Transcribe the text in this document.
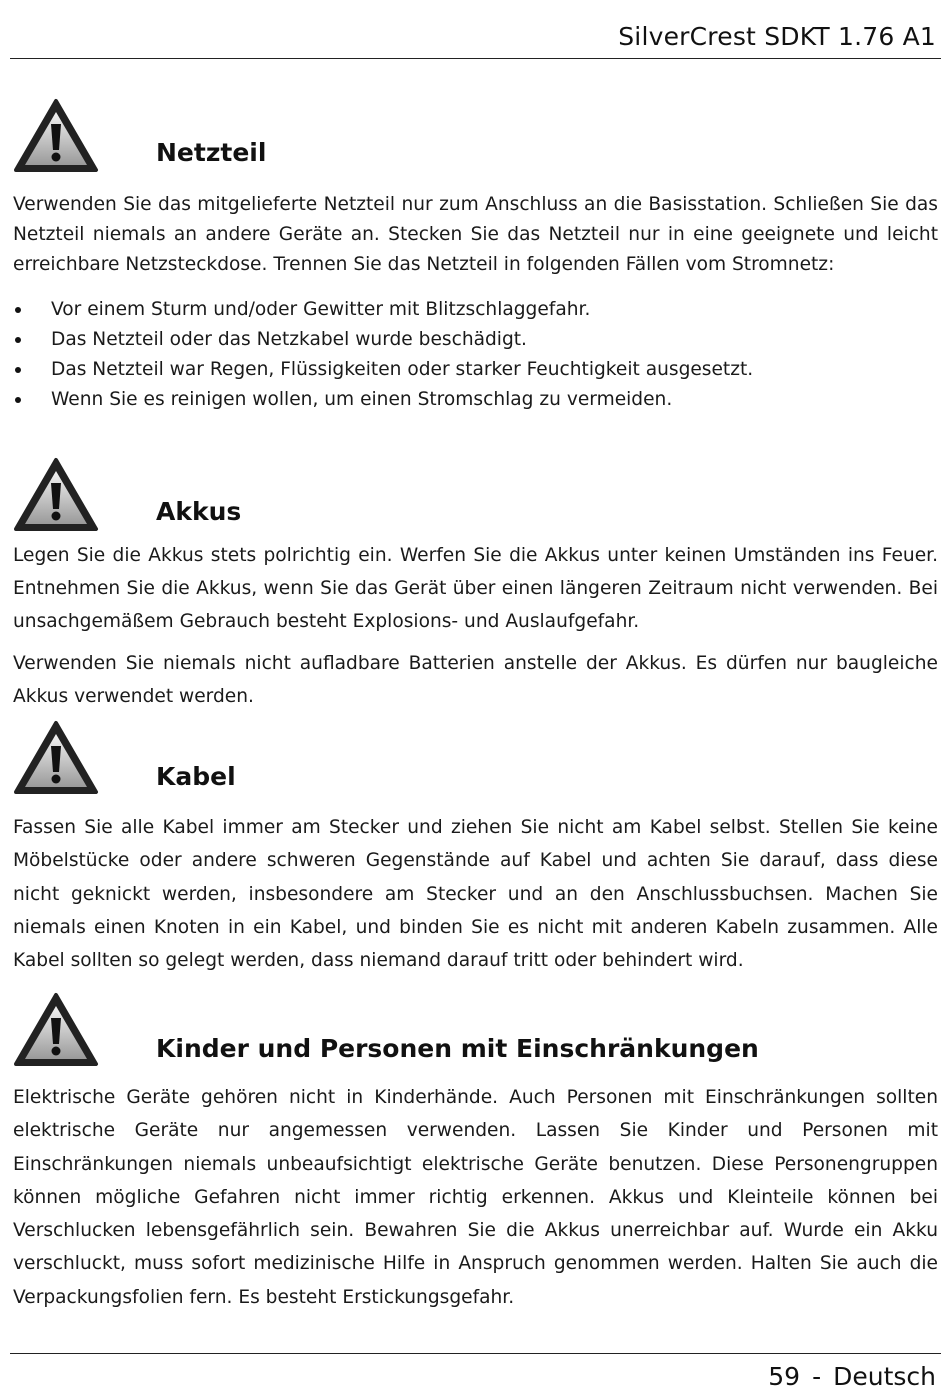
SilverCrest SDKT 1.76 A1
Netzteil

Verwenden Sie das mitgelieferte Netzteil nur zum Anschluss an die Basisstation. Schließen Sie das Netzteil niemals an andere Geräte an. Stecken Sie das Netzteil nur in eine geeignete und leicht erreichbare Netzsteckdose. Trennen Sie das Netzteil in folgenden Fällen vom Stromnetz:

Vor einem Sturm und/oder Gewitter mit Blitzschlaggefahr.
Das Netzteil oder das Netzkabel wurde beschädigt.
Das Netzteil war Regen, Flüssigkeiten oder starker Feuchtigkeit ausgesetzt.
Wenn Sie es reinigen wollen, um einen Stromschlag zu vermeiden.
Akkus

Legen Sie die Akkus stets polrichtig ein. Werfen Sie die Akkus unter keinen Umständen ins Feuer. Entnehmen Sie die Akkus, wenn Sie das Gerät über einen längeren Zeitraum nicht verwenden. Bei unsachgemäßem Gebrauch besteht Explosions- und Auslaufgefahr.

Verwenden Sie niemals nicht aufladbare Batterien anstelle der Akkus. Es dürfen nur baugleiche Akkus verwendet werden.

Kabel

Fassen Sie alle Kabel immer am Stecker und ziehen Sie nicht am Kabel selbst. Stellen Sie keine Möbelstücke oder andere schweren Gegenstände auf Kabel und achten Sie darauf, dass diese nicht geknickt werden, insbesondere am Stecker und an den Anschlussbuchsen. Machen Sie niemals einen Knoten in ein Kabel, und binden Sie es nicht mit anderen Kabeln zusammen. Alle Kabel sollten so gelegt werden, dass niemand darauf tritt oder behindert wird.

Kinder und Personen mit Einschränkungen

Elektrische Geräte gehören nicht in Kinderhände. Auch Personen mit Einschränkungen sollten elektrische Geräte nur angemessen verwenden. Lassen Sie Kinder und Personen mit Einschränkungen niemals unbeaufsichtigt elektrische Geräte benutzen. Diese Personengruppen können mögliche Gefahren nicht immer richtig erkennen. Akkus und Kleinteile können bei Verschlucken lebensgefährlich sein. Bewahren Sie die Akkus unerreichbar auf. Wurde ein Akku verschluckt, muss sofort medizinische Hilfe in Anspruch genommen werden. Halten Sie auch die Verpackungsfolien fern. Es besteht Erstickungsgefahr.

59 - Deutsch
